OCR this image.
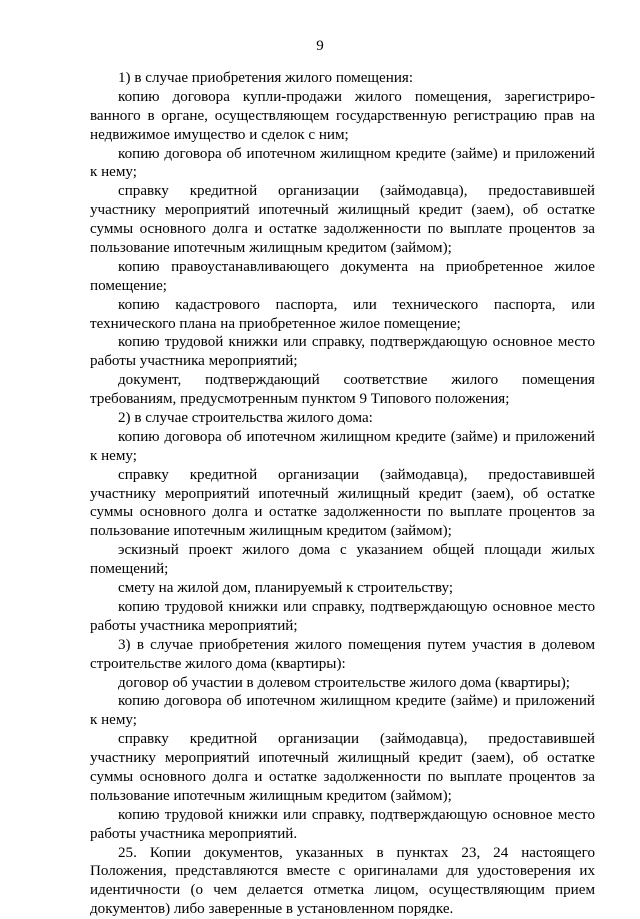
9
1) в случае приобретения жилого помещения:
копию договора купли-продажи жилого помещения, зарегистриро-
ванного в органе, осуществляющем государственную регистрацию прав на
недвижимое имущество и сделок с ним;
копию договора об ипотечном жилищном кредите (займе) и приложений
к нему;
справку кредитной организации (займодавца), предоставившей
участнику мероприятий ипотечный жилищный кредит (заем), об остатке
суммы основного долга и остатке задолженности по выплате процентов за
пользование ипотечным жилищным кредитом (займом);
копию правоустанавливающего документа на приобретенное жилое
помещение;
копию кадастрового паспорта, или технического паспорта, или
технического плана на приобретенное жилое помещение;
копию трудовой книжки или справку, подтверждающую основное место
работы участника мероприятий;
документ, подтверждающий соответствие жилого помещения
требованиям, предусмотренным пунктом 9 Типового положения;
2) в случае строительства жилого дома:
копию договора об ипотечном жилищном кредите (займе) и приложений
к нему;
справку кредитной организации (займодавца), предоставившей
участнику мероприятий ипотечный жилищный кредит (заем), об остатке
суммы основного долга и остатке задолженности по выплате процентов за
пользование ипотечным жилищным кредитом (займом);
эскизный проект жилого дома с указанием общей площади жилых
помещений;
смету на жилой дом, планируемый к строительству;
копию трудовой книжки или справку, подтверждающую основное место
работы участника мероприятий;
3) в случае приобретения жилого помещения путем участия в долевом
строительстве жилого дома (квартиры):
договор об участии в долевом строительстве жилого дома (квартиры);
копию договора об ипотечном жилищном кредите (займе) и приложений
к нему;
справку кредитной организации (займодавца), предоставившей
участнику мероприятий ипотечный жилищный кредит (заем), об остатке
суммы основного долга и остатке задолженности по выплате процентов за
пользование ипотечным жилищным кредитом (займом);
копию трудовой книжки или справку, подтверждающую основное место
работы участника мероприятий.
25. Копии документов, указанных в пунктах 23, 24 настоящего
Положения, представляются вместе с оригиналами для удостоверения их
идентичности (о чем делается отметка лицом, осуществляющим прием
документов) либо заверенные в установленном порядке.
